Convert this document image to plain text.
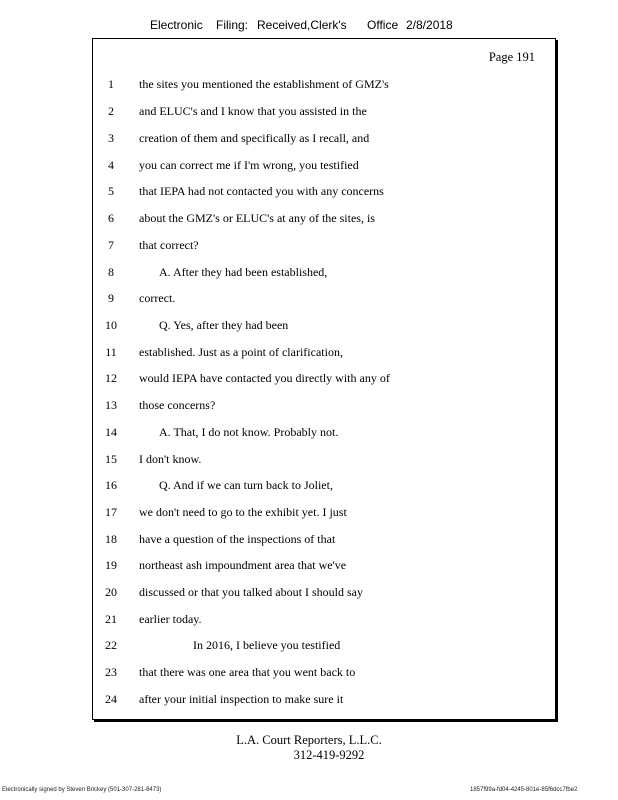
Electronic Filing: Received,Clerk's Office 2/8/2018
Page 191
1	the sites you mentioned the establishment of GMZ's
2	and ELUC's and I know that you assisted in the
3	creation of them and specifically as I recall, and
4	you can correct me if I'm wrong, you testified
5	that IEPA had not contacted you with any concerns
6	about the GMZ's or ELUC's at any of the sites, is
7	that correct?
8	A. After they had been established,
9	correct.
10	Q. Yes, after they had been
11	established. Just as a point of clarification,
12	would IEPA have contacted you directly with any of
13	those concerns?
14	A. That, I do not know. Probably not.
15	I don't know.
16	Q. And if we can turn back to Joliet,
17	we don't need to go to the exhibit yet. I just
18	have a question of the inspections of that
19	northeast ash impoundment area that we've
20	discussed or that you talked about I should say
21	earlier today.
22	In 2016, I believe you testified
23	that there was one area that you went back to
24	after your initial inspection to make sure it
L.A. Court Reporters, L.L.C.
312-419-9292
Electronically signed by Steven Brickey (501-307-281-8473)	1857f99a-fd04-4245-801e-85f6dcc7fbe2
